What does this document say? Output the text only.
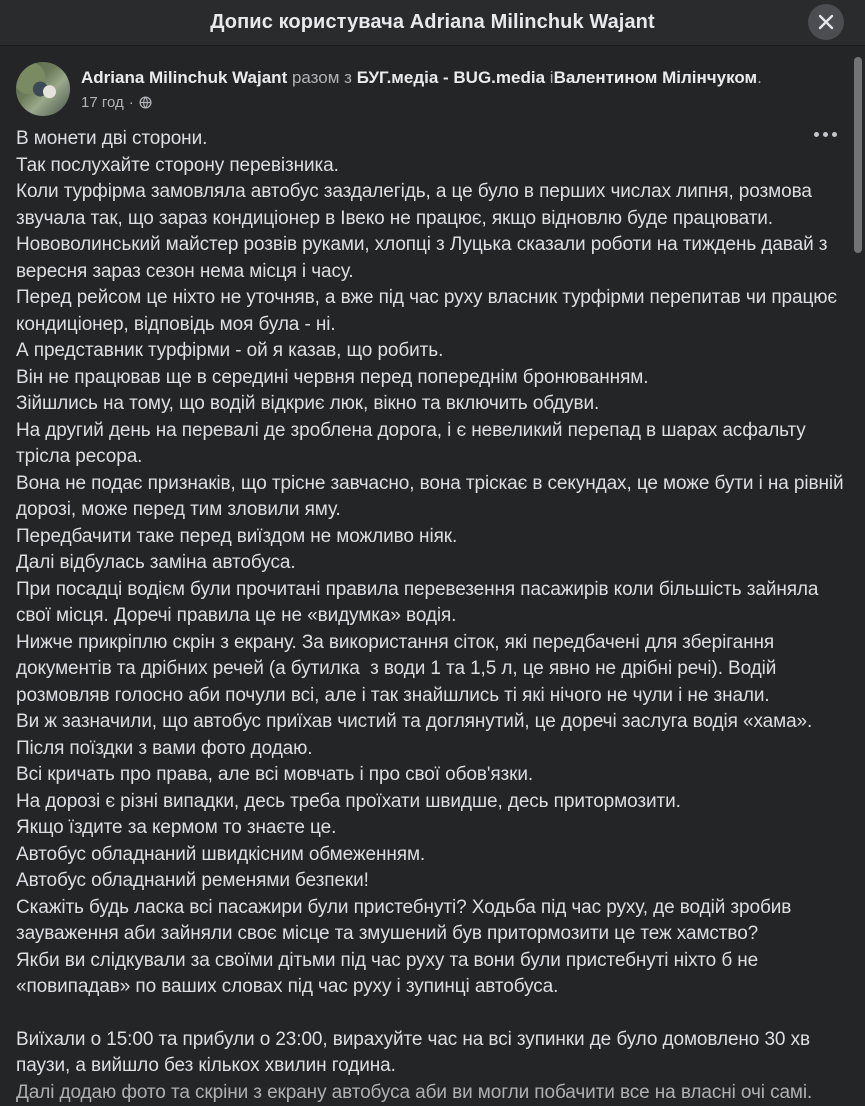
Допис користувача Adriana Milinchuk Wajant
Adriana Milinchuk Wajant разом з БУГ.медіа - BUG.media іВалентином Мілінчуком.
17 год ·
В монети дві сторони.
Так послухайте сторону перевізника.
Коли турфірма замовляла автобус заздалегідь, а це було в перших числах липня, розмова звучала так, що зараз кондиціонер в Івеко не працює, якщо відновлю буде працювати.
Нововолинський майстер розвів руками, хлопці з Луцька сказали роботи на тиждень давай з вересня зараз сезон нема місця і часу.
Перед рейсом це ніхто не уточняв, а вже під час руху власник турфірми перепитав чи працює кондиціонер, відповідь моя була - ні.
А представник турфірми - ой я казав, що робить.
Він не працював ще в середині червня перед попереднім бронюванням.
Зійшлись на тому, що водій відкриє люк, вікно та включить обдуви.
На другий день на перевалі де зроблена дорога, і є невеликий перепад в шарах асфальту трісла ресора.
Вона не подає признаків, що трісне завчасно, вона тріскає в секундах, це може бути і на рівній дорозі, може перед тим зловили яму.
Передбачити таке перед виїздом не можливо ніяк.
Далі відбулась заміна автобуса.
При посадці водієм були прочитані правила перевезення пасажирів коли більшість зайняла свої місця. Доречі правила це не «видумка» водія.
Нижче прикріплю скрін з екрану. За використання сіток, які передбачені для зберігання документів та дрібних речей (а бутилка  з води 1 та 1,5 л, це явно не дрібні речі). Водій розмовляв голосно аби почули всі, але і так знайшлись ті які нічого не чули і не знали.
Ви ж зазначили, що автобус приїхав чистий та доглянутий, це доречі заслуга водія «хама».
Після поїздки з вами фото додаю.
Всі кричать про права, але всі мовчать і про свої обов'язки.
На дорозі є різні випадки, десь треба проїхати швидше, десь притормозити.
Якщо їздите за кермом то знаєте це.
Автобус обладнаний швидкісним обмеженням.
Автобус обладнаний ременями безпеки!
Скажіть будь ласка всі пасажири були пристебнуті? Ходьба під час руху, де водій зробив зауваження аби зайняли своє місце та змушений був притормозити це теж хамство?
Якби ви слідкували за своїми дітьми під час руху та вони були пристебнуті ніхто б не «повипадав» по ваших словах під час руху і зупинці автобуса.
Виїхали о 15:00 та прибули о 23:00, вирахуйте час на всі зупинки де було домовлено 30 хв паузи, а вийшло без кількох хвилин година.
Далі додаю фото та скріни з екрану автобуса аби ви могли побачити все на власні очі самі.
